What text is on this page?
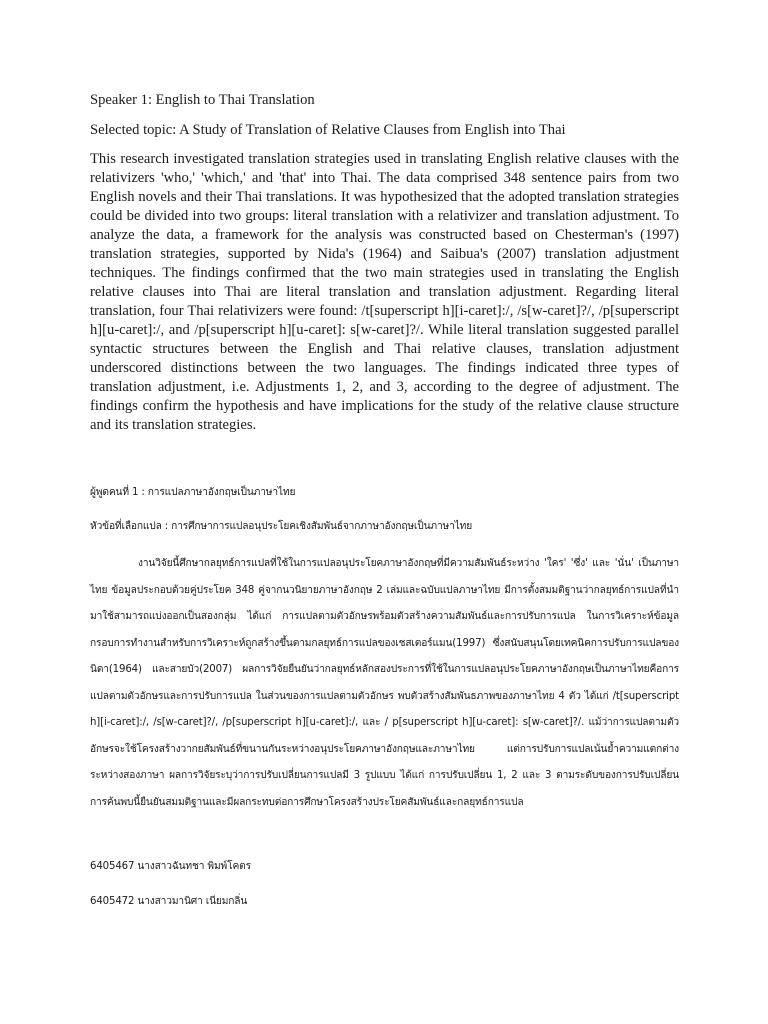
Speaker 1: English to Thai Translation

Selected topic: A Study of Translation of Relative Clauses from English into Thai

This research investigated translation strategies used in translating English relative clauses with the relativizers 'who,' 'which,' and 'that' into Thai. The data comprised 348 sentence pairs from two English novels and their Thai translations. It was hypothesized that the adopted translation strategies could be divided into two groups: literal translation with a relativizer and translation adjustment. To analyze the data, a framework for the analysis was constructed based on Chesterman's (1997) translation strategies, supported by Nida's (1964) and Saibua's (2007) translation adjustment techniques. The findings confirmed that the two main strategies used in translating the English relative clauses into Thai are literal translation and translation adjustment. Regarding literal translation, four Thai relativizers were found: /t[superscript h][i-caret]:/, /s[w-caret]?/, /p[superscript h][u-caret]:/, and /p[superscript h][u-caret]: s[w-caret]?/. While literal translation suggested parallel syntactic structures between the English and Thai relative clauses, translation adjustment underscored distinctions between the two languages. The findings indicated three types of translation adjustment, i.e. Adjustments 1, 2, and 3, according to the degree of adjustment. The findings confirm the hypothesis and have implications for the study of the relative clause structure and its translation strategies.

ผู้พูดคนที่ 1 : การแปลภาษาอังกฤษเป็นภาษาไทย

หัวข้อที่เลือกแปล : การศึกษาการแปลอนุประโยคเชิงสัมพันธ์จากภาษาอังกฤษเป็นภาษาไทย

งานวิจัยนี้ศึกษากลยุทธ์การแปลที่ใช้ในการแปลอนุประโยคภาษาอังกฤษที่มีความสัมพันธ์ระหว่าง 'ใคร' 'ซึ่ง' และ 'นั่น' เป็นภาษาไทย ข้อมูลประกอบด้วยคู่ประโยค 348 คู่จากนวนิยายภาษาอังกฤษ 2 เล่มและฉบับแปลภาษาไทย มีการตั้งสมมติฐานว่ากลยุทธ์การแปลที่นำมาใช้สามารถแบ่งออกเป็นสองกลุ่ม ได้แก่ การแปลตามตัวอักษรพร้อมตัวสร้างความสัมพันธ์และการปรับการแปล ในการวิเคราะห์ข้อมูล กรอบการทำงานสำหรับการวิเคราะห์ถูกสร้างขึ้นตามกลยุทธ์การแปลของเชสเตอร์แมน(1997) ซึ่งสนับสนุนโดยเทคนิคการปรับการแปลของนิดา(1964) และสายบัว(2007) ผลการวิจัยยืนยันว่ากลยุทธ์หลักสองประการที่ใช้ในการแปลอนุประโยคภาษาอังกฤษเป็นภาษาไทยคือการแปลตามตัวอักษรและการปรับการแปล ในส่วนของการแปลตามตัวอักษร พบตัวสร้างสัมพันธภาพของภาษาไทย 4 ตัว ได้แก่ /t[superscript h][i-caret]:/, /s[w-caret]?/, /p[superscript h][u-caret]:/, และ / p[superscript h][u-caret]: s[w-caret]?/. แม้ว่าการแปลตามตัวอักษรจะใช้โครงสร้างวากยสัมพันธ์ที่ขนานกันระหว่างอนุประโยคภาษาอังกฤษและภาษาไทย แต่การปรับการแปลเน้นย้ำความแตกต่างระหว่างสองภาษา ผลการวิจัยระบุว่าการปรับเปลี่ยนการแปลมี 3 รูปแบบ ได้แก่ การปรับเปลี่ยน 1, 2 และ 3 ตามระดับของการปรับเปลี่ยน การค้นพบนี้ยืนยันสมมติฐานและมีผลกระทบต่อการศึกษาโครงสร้างประโยคสัมพันธ์และกลยุทธ์การแปล

6405467 นางสาวฉันทชา พิมพ์โคตร

6405472 นางสาวมานิศา เนียมกลิ่น
